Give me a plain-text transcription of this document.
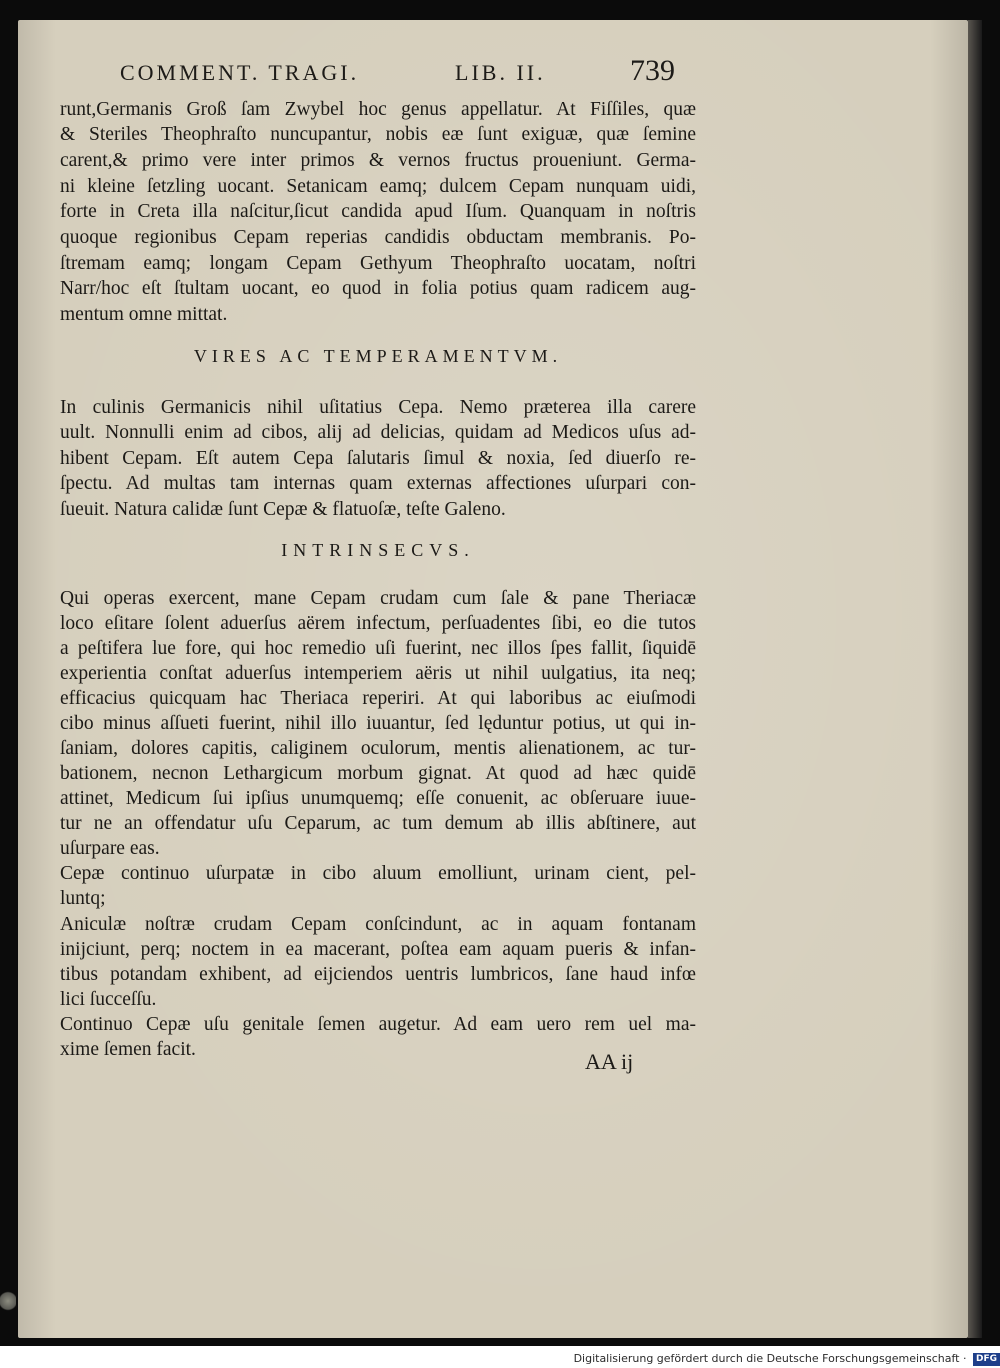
COMMENT. TRAGI.	LIB. II.	739
runt,Germanis Groß ſam Zwybel hoc genus appellatur. At Fiſſiles, quæ
& Steriles Theophraſto nuncupantur, nobis eæ ſunt exiguæ, quæ ſemine
carent,& primo vere inter primos & vernos fructus proueniunt. Germa-
ni kleine ſetzling uocant. Setanicam eamq; dulcem Cepam nunquam uidi,
forte in Creta illa naſcitur,ſicut candida apud Iſum. Quanquam in noſtris
quoque regionibus Cepam reperias candidis obductam membranis. Po-
ſtremam eamq; longam Cepam Gethyum Theophraſto uocatam, noſtri
Narr/hoc eſt ſtultam uocant, eo quod in folia potius quam radicem aug-
mentum omne mittat.
VIRES AC TEMPERAMENTVM.
In culinis Germanicis nihil uſitatius Cepa. Nemo præterea illa carere
uult. Nonnulli enim ad cibos, alij ad delicias, quidam ad Medicos uſus ad-
hibent Cepam. Eſt autem Cepa ſalutaris ſimul & noxia, ſed diuerſo re-
ſpectu. Ad multas tam internas quam externas affectiones uſurpari con-
ſueuit. Natura calidæ ſunt Cepæ & flatuoſæ, teſte Galeno.
INTRINSECVS.
Qui operas exercent, mane Cepam crudam cum ſale & pane Theriacæ
loco eſitare ſolent aduerſus aërem infectum, perſuadentes ſibi, eo die tutos
a peſtifera lue fore, qui hoc remedio uſi fuerint, nec illos ſpes fallit, ſiquidē
experientia conſtat aduerſus intemperiem aëris ut nihil uulgatius, ita neq;
efficacius quicquam hac Theriaca reperiri. At qui laboribus ac eiuſmodi
cibo minus aſſueti fuerint, nihil illo iuuantur, ſed lęduntur potius, ut qui in-
ſaniam, dolores capitis, caliginem oculorum, mentis alienationem, ac tur-
bationem, necnon Lethargicum morbum gignat. At quod ad hæc quidē
attinet, Medicum ſui ipſius unumquemq; eſſe conuenit, ac obſeruare iuue-
tur ne an offendatur uſu Ceparum, ac tum demum ab illis abſtinere, aut
uſurpare eas.
Cepæ continuo uſurpatæ in cibo aluum emolliunt, urinam cient, pel-
luntq;
Aniculæ noſtræ crudam Cepam conſcindunt, ac in aquam fontanam
inijciunt, perq; noctem in ea macerant, poſtea eam aquam pueris & infan-
tibus potandam exhibent, ad eijciendos uentris lumbricos, ſane haud infœ
lici ſucceſſu.
Continuo Cepæ uſu genitale ſemen augetur. Ad eam uero rem uel ma-
xime ſemen facit.	AA ij
Digitalisierung gefördert durch die Deutsche Forschungsgemeinschaft · DFG
